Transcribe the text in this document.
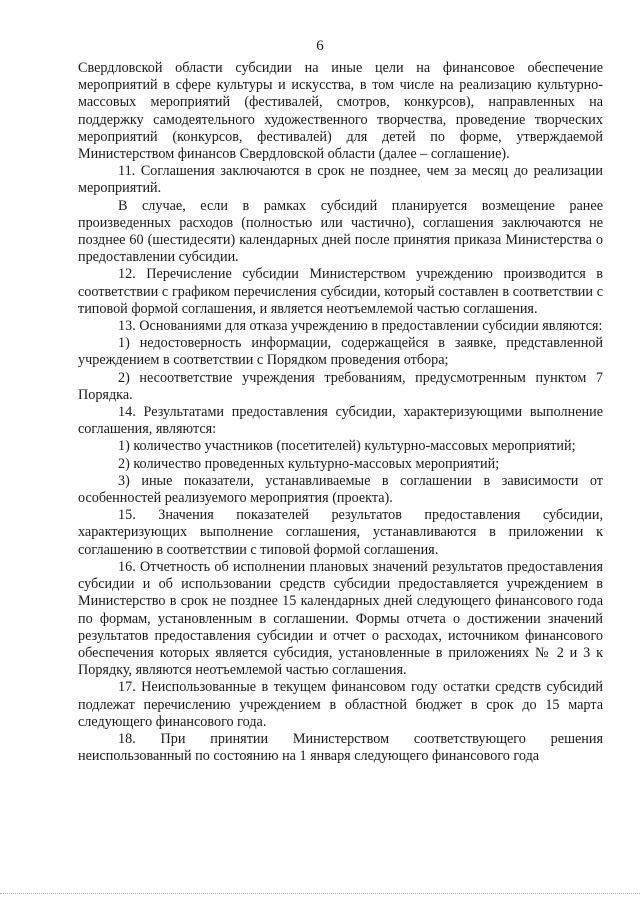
6

Свердловской области субсидии на иные цели на финансовое обеспечение мероприятий в сфере культуры и искусства, в том числе на реализацию культурно-массовых мероприятий (фестивалей, смотров, конкурсов), направленных на поддержку самодеятельного художественного творчества, проведение творческих мероприятий (конкурсов, фестивалей) для детей по форме, утверждаемой Министерством финансов Свердловской области (далее – соглашение).

11. Соглашения заключаются в срок не позднее, чем за месяц до реализации мероприятий.

В случае, если в рамках субсидий планируется возмещение ранее произведенных расходов (полностью или частично), соглашения заключаются не позднее 60 (шестидесяти) календарных дней после принятия приказа Министерства о предоставлении субсидии.

12. Перечисление субсидии Министерством учреждению производится в соответствии с графиком перечисления субсидии, который составлен в соответствии с типовой формой соглашения, и является неотъемлемой частью соглашения.

13. Основаниями для отказа учреждению в предоставлении субсидии являются:

1) недостоверность информации, содержащейся в заявке, представленной учреждением в соответствии с Порядком проведения отбора;

2) несоответствие учреждения требованиям, предусмотренным пунктом 7 Порядка.

14. Результатами предоставления субсидии, характеризующими выполнение соглашения, являются:

1) количество участников (посетителей) культурно-массовых мероприятий;

2) количество проведенных культурно-массовых мероприятий;

3) иные показатели, устанавливаемые в соглашении в зависимости от особенностей реализуемого мероприятия (проекта).

15. Значения показателей результатов предоставления субсидии, характеризующих выполнение соглашения, устанавливаются в приложении к соглашению в соответствии с типовой формой соглашения.

16. Отчетность об исполнении плановых значений результатов предоставления субсидии и об использовании средств субсидии предоставляется учреждением в Министерство в срок не позднее 15 календарных дней следующего финансового года по формам, установленным в соглашении. Формы отчета о достижении значений результатов предоставления субсидии и отчет о расходах, источником финансового обеспечения которых является субсидия, установленные в приложениях № 2 и 3 к Порядку, являются неотъемлемой частью соглашения.

17. Неиспользованные в текущем финансовом году остатки средств субсидий подлежат перечислению учреждением в областной бюджет в срок до 15 марта следующего финансового года.

18. При принятии Министерством соответствующего решения неиспользованный по состоянию на 1 января следующего финансового года
